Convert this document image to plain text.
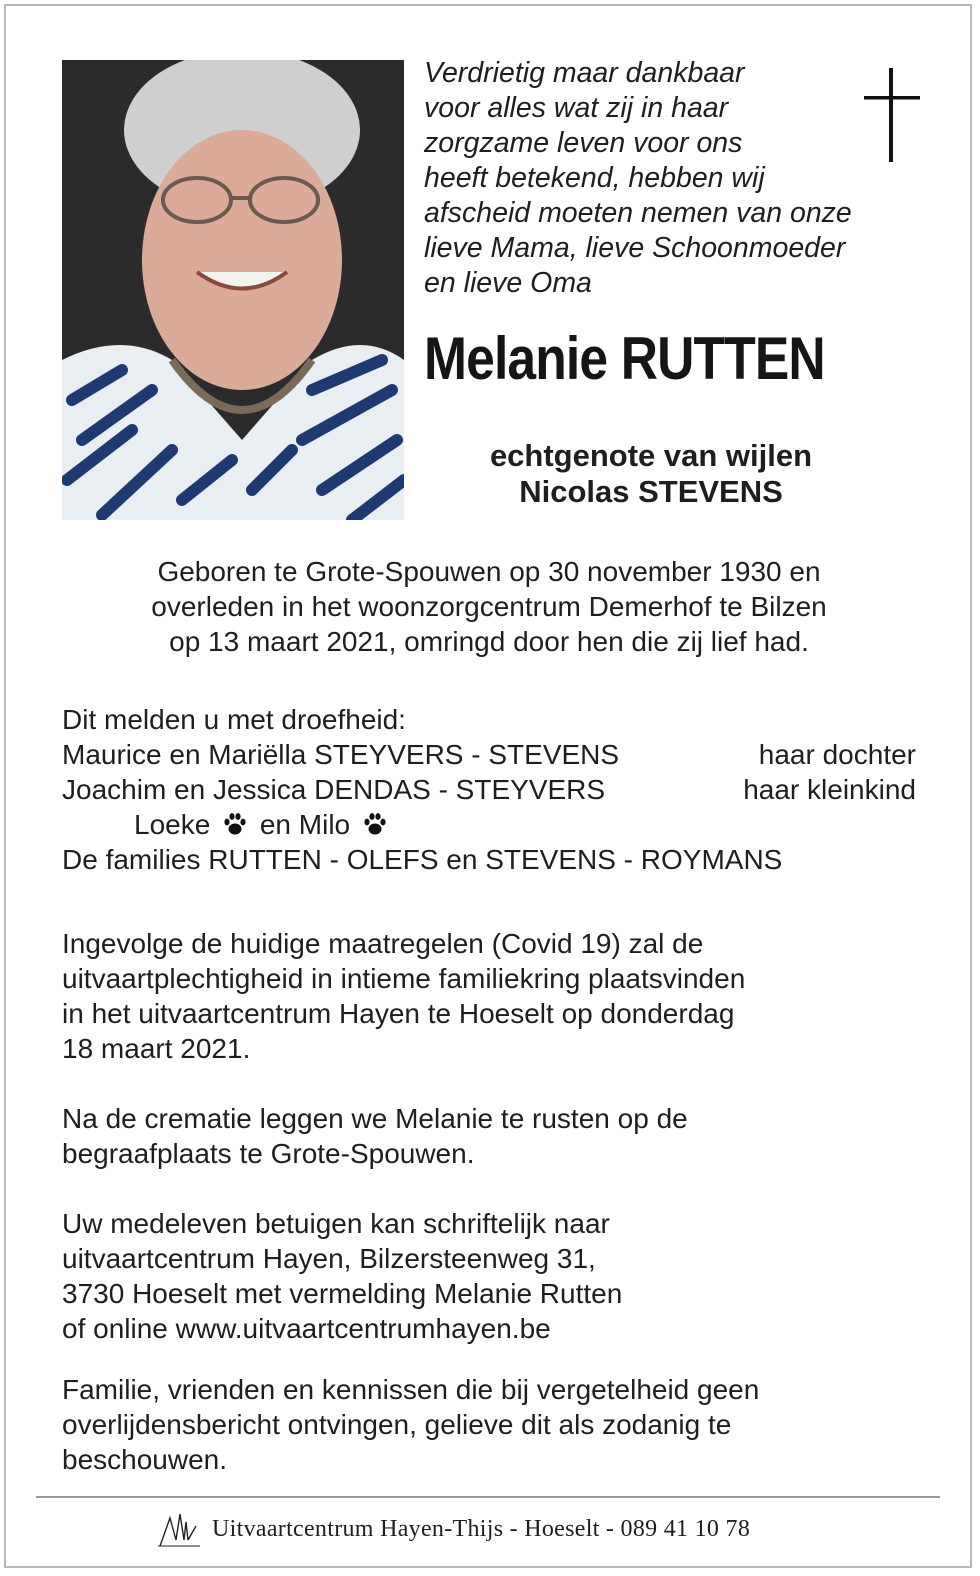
Verdrietig maar dankbaar
voor alles wat zij in haar
zorgzame leven voor ons
heeft betekend, hebben wij
afscheid moeten nemen van onze
lieve Mama, lieve Schoonmoeder
en lieve Oma
Melanie RUTTEN
echtgenote van wijlen
Nicolas STEVENS
Geboren te Grote-Spouwen op 30 november 1930 en
overleden in het woonzorgcentrum Demerhof te Bilzen
op 13 maart 2021, omringd door hen die zij lief had.
Dit melden u met droefheid:
Maurice en Mariëlla STEYVERS - STEVENS	haar dochter
Joachim en Jessica DENDAS - STEYVERS	haar kleinkind
Loeke en Milo
De families RUTTEN - OLEFS en STEVENS - ROYMANS
Ingevolge de huidige maatregelen (Covid 19) zal de
uitvaartplechtigheid in intieme familiekring plaatsvinden
in het uitvaartcentrum Hayen te Hoeselt op donderdag
18 maart 2021.
Na de crematie leggen we Melanie te rusten op de
begraafplaats te Grote-Spouwen.
Uw medeleven betuigen kan schriftelijk naar
uitvaartcentrum Hayen, Bilzersteenweg 31,
3730 Hoeselt met vermelding Melanie Rutten
of online www.uitvaartcentrumhayen.be
Familie, vrienden en kennissen die bij vergetelheid geen
overlijdensbericht ontvingen, gelieve dit als zodanig te
beschouwen.
Uitvaartcentrum Hayen-Thijs - Hoeselt - 089 41 10 78
